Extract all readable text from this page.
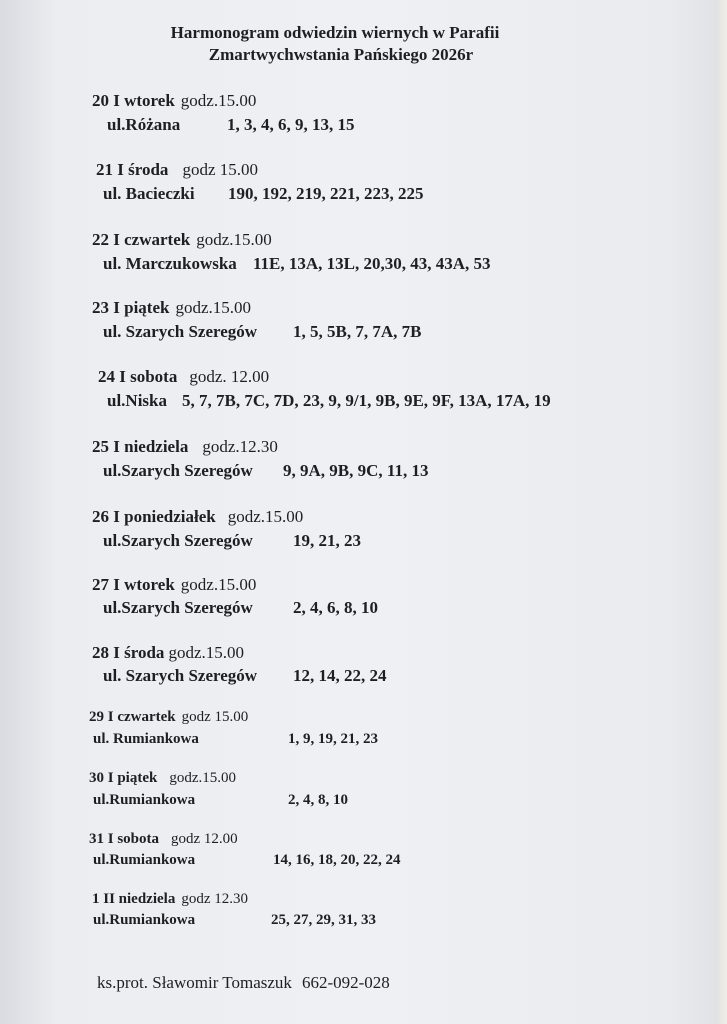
Harmonogram odwiedzin wiernych w Parafii
Zmartwychwstania Pańskiego 2026r
20 I wtorek godz.15.00
ul.Różana	1, 3, 4, 6, 9, 13, 15
21 I środa godz 15.00
ul. Bacieczki 190, 192, 219, 221, 223, 225
22 I czwartek godz.15.00
ul. Marczukowska 11E, 13A, 13L, 20,30, 43, 43A, 53
23 I piątek godz.15.00
ul. Szarych Szeregów 1, 5, 5B, 7, 7A, 7B
24 I sobota godz. 12.00
ul.Niska 5, 7, 7B, 7C, 7D, 23, 9, 9/1, 9B, 9E, 9F, 13A, 17A, 19
25 I niedziela godz.12.30
ul.Szarych Szeregów 9, 9A, 9B, 9C, 11, 13
26 I poniedziałek godz.15.00
ul.Szarych Szeregów 19, 21, 23
27 I wtorek godz.15.00
ul.Szarych Szeregów 2, 4, 6, 8, 10
28 I środa godz.15.00
ul. Szarych Szeregów 12, 14, 22, 24
29 I czwartek godz 15.00
ul. Rumiankowa	1, 9, 19, 21, 23
30 I piątek godz.15.00
ul.Rumiankowa	2, 4, 8, 10
31 I sobota godz 12.00
ul.Rumiankowa	14, 16, 18, 20, 22, 24
1 II niedziela godz 12.30
ul.Rumiankowa	25, 27, 29, 31, 33
ks.prot. Sławomir Tomaszuk 662-092-028
